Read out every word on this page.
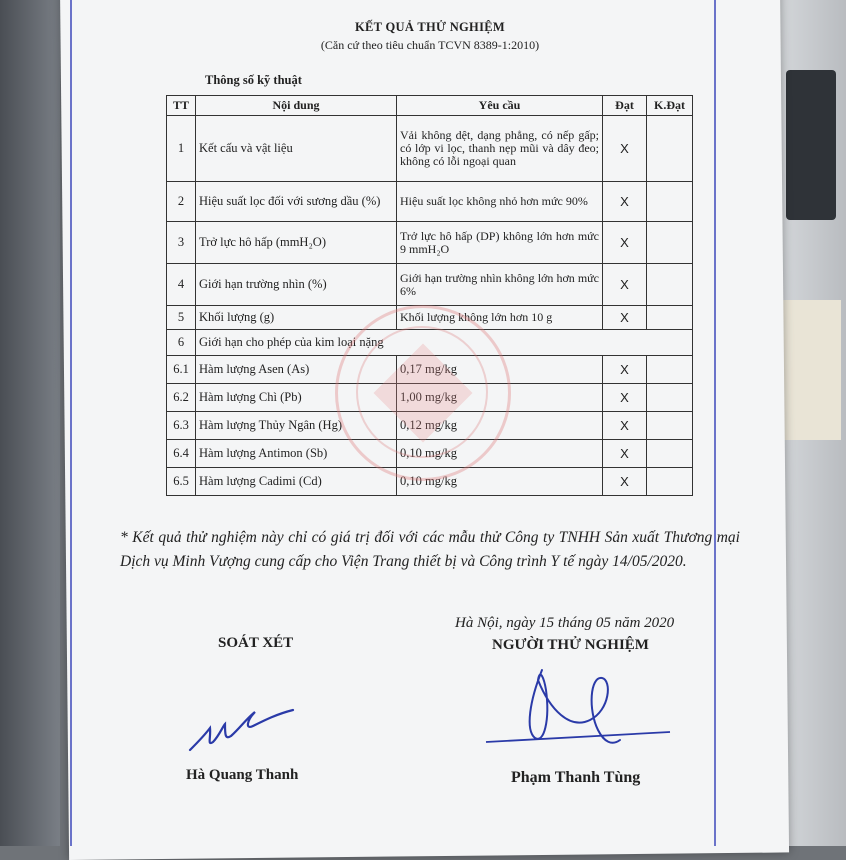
KẾT QUẢ THỬ NGHIỆM
(Căn cứ theo tiêu chuẩn TCVN 8389-1:2010)
Thông số kỹ thuật
TT	Nội dung	Yêu cầu	Đạt	K.Đạt
1	Kết cấu và vật liệu	Vải không dệt, dạng phẳng, có nếp gấp; có lớp vi lọc, thanh nẹp mũi và dây đeo; không có lỗi ngoại quan	X	
2	Hiệu suất lọc đối với sương dầu (%)	Hiệu suất lọc không nhỏ hơn mức 90%	X	
3	Trở lực hô hấp (mmH₂O)	Trở lực hô hấp (DP) không lớn hơn mức 9 mmH₂O	X	
4	Giới hạn trường nhìn (%)	Giới hạn trường nhìn không lớn hơn mức 6%	X	
5	Khối lượng (g)	Khối lượng không lớn hơn 10 g	X	
6	Giới hạn cho phép của kim loại nặng			
6.1	Hàm lượng Asen (As)	0,17 mg/kg	X	
6.2	Hàm lượng Chì (Pb)	1,00 mg/kg	X	
6.3	Hàm lượng Thủy Ngân (Hg)	0,12 mg/kg	X	
6.4	Hàm lượng Antimon (Sb)	0,10 mg/kg	X	
6.5	Hàm lượng Cadimi (Cd)	0,10 mg/kg	X	
* Kết quả thử nghiệm này chỉ có giá trị đối với các mẫu thử Công ty TNHH Sản xuất Thương mại Dịch vụ Minh Vượng cung cấp cho Viện Trang thiết bị và Công trình Y tế ngày 14/05/2020.
Hà Nội, ngày 15 tháng 05 năm 2020
SOÁT XÉT	NGƯỜI THỬ NGHIỆM
Hà Quang Thanh	Phạm Thanh Tùng
